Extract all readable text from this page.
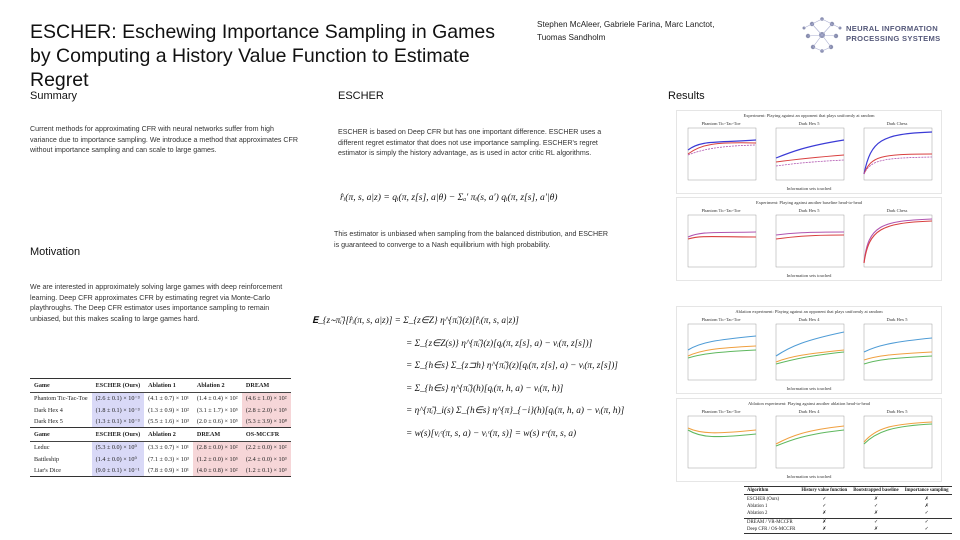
ESCHER: Eschewing Importance Sampling in Games by Computing a History Value Function to Estimate Regret
Stephen McAleer, Gabriele Farina, Marc Lanctot, Tuomas Sandholm
NEURAL INFORMATION
PROCESSING SYSTEMS
Summary
Current methods for approximating CFR with neural networks suffer from high variance due to importance sampling. We introduce a method that approximates CFR without importance sampling and can scale to large games.
Motivation
We are interested in approximately solving large games with deep reinforcement learning. Deep CFR approximates CFR by estimating regret via Monte-Carlo playthroughs. The Deep CFR estimator uses importance sampling to remain unbiased, but this makes scaling to large games hard.
Game	ESCHER (Ours)	Ablation 1	Ablation 2	DREAM
Phantom Tic-Tac-Toe	(2.6 ± 0.1) × 10⁻³	(4.1 ± 0.7) × 10¹	(1.4 ± 0.4) × 10²	(4.6 ± 1.0) × 10²
Dark Hex 4	(1.8 ± 0.1) × 10⁻³	(1.3 ± 0.9) × 10²	(3.1 ± 1.7) × 10⁵	(2.8 ± 2.0) × 10⁵
Dark Hex 5	(1.3 ± 0.1) × 10⁻³	(5.5 ± 1.6) × 10³	(2.0 ± 0.6) × 10⁵	(5.3 ± 3.9) × 10⁸
Game	ESCHER (Ours)	Ablation 2	DREAM	OS-MCCFR
Leduc	(5.3 ± 0.0) × 10⁰	(3.3 ± 0.7) × 10¹	(2.8 ± 0.0) × 10²	(2.2 ± 0.0) × 10²
Battleship	(1.4 ± 0.0) × 10⁰	(7.1 ± 0.3) × 10³	(1.2 ± 0.0) × 10⁵	(2.4 ± 0.0) × 10³
Liar's Dice	(9.0 ± 0.1) × 10⁻¹	(7.8 ± 0.9) × 10¹	(4.0 ± 0.8) × 10²	(1.2 ± 0.1) × 10³
ESCHER
ESCHER is based on Deep CFR but has one important difference. ESCHER uses a different regret estimator that does not use importance sampling. ESCHER's regret estimator is simply the history advantage, as is used in actor critic RL algorithms.
r̂ᵢ(π, s, a|z) = qᵢ(π, z[s], a|θ) − Σₐ′ πᵢ(s, a′) qᵢ(π, z[s], a′|θ)
This estimator is unbiased when sampling from the balanced distribution, and ESCHER is guaranteed to converge to a Nash equilibrium with high probability.
𝐄_{z∼π̃ᵢ}[r̂ᵢ(π, s, a|z)] = Σ_{z∈Z} η^{π̃ᵢ}(z)[r̂ᵢ(π, s, a|z)]
= Σ_{z∈Z(s)} η^{π̃ᵢ}(z)[qᵢ(π, z[s], a) − vᵢ(π, z[s])]
= Σ_{h∈s} Σ_{z⊐h} η^{π̃ᵢ}(z)[qᵢ(π, z[s], a) − vᵢ(π, z[s])]
= Σ_{h∈s} η^{π̃ᵢ}(h)[qᵢ(π, h, a) − vᵢ(π, h)]
= η^{π̃ᵢ}_i(s) Σ_{h∈s} η^{π}_{−i}(h)[qᵢ(π, h, a) − vᵢ(π, h)]
= w(s)[vᵢᶜ(π, s, a) − vᵢᶜ(π, s)] = w(s) rᶜ(π, s, a)
Results
Experiment: Playing against an opponent that plays uniformly at random
Phantom Tic-Tac-Toe	Dark Hex 5	Dark Chess
Information sets touched
Experiment: Playing against another baseline head-to-head
Phantom Tic-Tac-Toe	Dark Hex 5	Dark Chess
Information sets touched
Ablation experiment: Playing against an opponent that plays uniformly at random
Phantom Tic-Tac-Toe	Dark Hex 4	Dark Hex 5
Information sets touched
Ablation experiment: Playing against another ablation head-to-head
Phantom Tic-Tac-Toe	Dark Hex 4	Dark Hex 5
Information sets touched
Algorithm	History value function	Bootstrapped baseline	Importance sampling
ESCHER (Ours)	✓	✗	✗
Ablation 1	✓	✓	✗
Ablation 2	✗	✗	✓
DREAM / VR-MCCFR	✗	✓	✓
Deep CFR / OS-MCCFR	✗	✗	✓
